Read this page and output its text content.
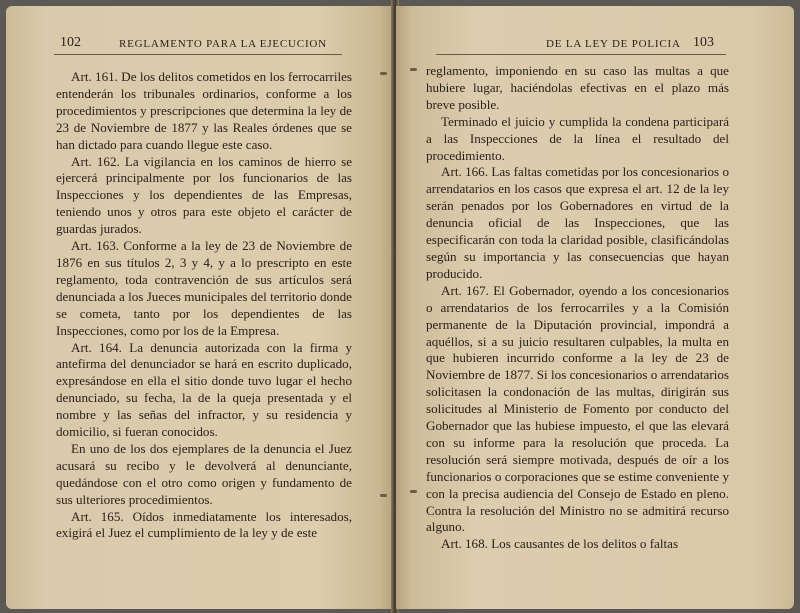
102	REGLAMENTO PARA LA EJECUCION

Art. 161. De los delitos cometidos en los ferrocarriles entenderán los tribunales ordinarios, conforme a los procedimientos y prescripciones que determina la ley de 23 de Noviembre de 1877 y las Reales órdenes que se han dictado para cuando llegue este caso.

Art. 162. La vigilancia en los caminos de hierro se ejercerá principalmente por los funcionarios de las Inspecciones y los dependientes de las Empresas, teniendo unos y otros para este objeto el carácter de guardas jurados.

Art. 163. Conforme a la ley de 23 de Noviembre de 1876 en sus títulos 2, 3 y 4, y a lo prescripto en este reglamento, toda contravención de sus artículos será denunciada a los Jueces municipales del territorio donde se cometa, tanto por los dependientes de las Inspecciones, como por los de la Empresa.

Art. 164. La denuncia autorizada con la firma y antefirma del denunciador se hará en escrito duplicado, expresándose en ella el sitio donde tuvo lugar el hecho denunciado, su fecha, la de la queja presentada y el nombre y las señas del infractor, y su residencia y domicilio, si fueran conocidos.

En uno de los dos ejemplares de la denuncia el Juez acusará su recibo y le devolverá al denunciante, quedándose con el otro como origen y fundamento de sus ulteriores procedimientos.

Art. 165. Oídos inmediatamente los interesados, exigirá el Juez el cumplimiento de la ley y de este

DE LA LEY DE POLICIA 103

reglamento, imponiendo en su caso las multas a que hubiere lugar, haciéndolas efectivas en el plazo más breve posible.

Terminado el juicio y cumplida la condena participará a las Inspecciones de la línea el resultado del procedimiento.

Art. 166. Las faltas cometidas por los concesionarios o arrendatarios en los casos que expresa el art. 12 de la ley serán penados por los Gobernadores en virtud de la denuncia oficial de las Inspecciones, que las especificarán con toda la claridad posible, clasificándolas según su importancia y las consecuencias que hayan producido.

Art. 167. El Gobernador, oyendo a los concesionarios o arrendatarios de los ferrocarriles y a la Comisión permanente de la Diputación provincial, impondrá a aquéllos, si a su juicio resultaren culpables, la multa en que hubieren incurrido conforme a la ley de 23 de Noviembre de 1877. Si los concesionarios o arrendatarios solicitasen la condonación de las multas, dirigirán sus solicitudes al Ministerio de Fomento por conducto del Gobernador que las hubiese impuesto, el que las elevará con su informe para la resolución que proceda. La resolución será siempre motivada, después de oír a los funcionarios o corporaciones que se estime conveniente y con la precisa audiencia del Consejo de Estado en pleno. Contra la resolución del Ministro no se admitirá recurso alguno.

Art. 168. Los causantes de los delitos o faltas
